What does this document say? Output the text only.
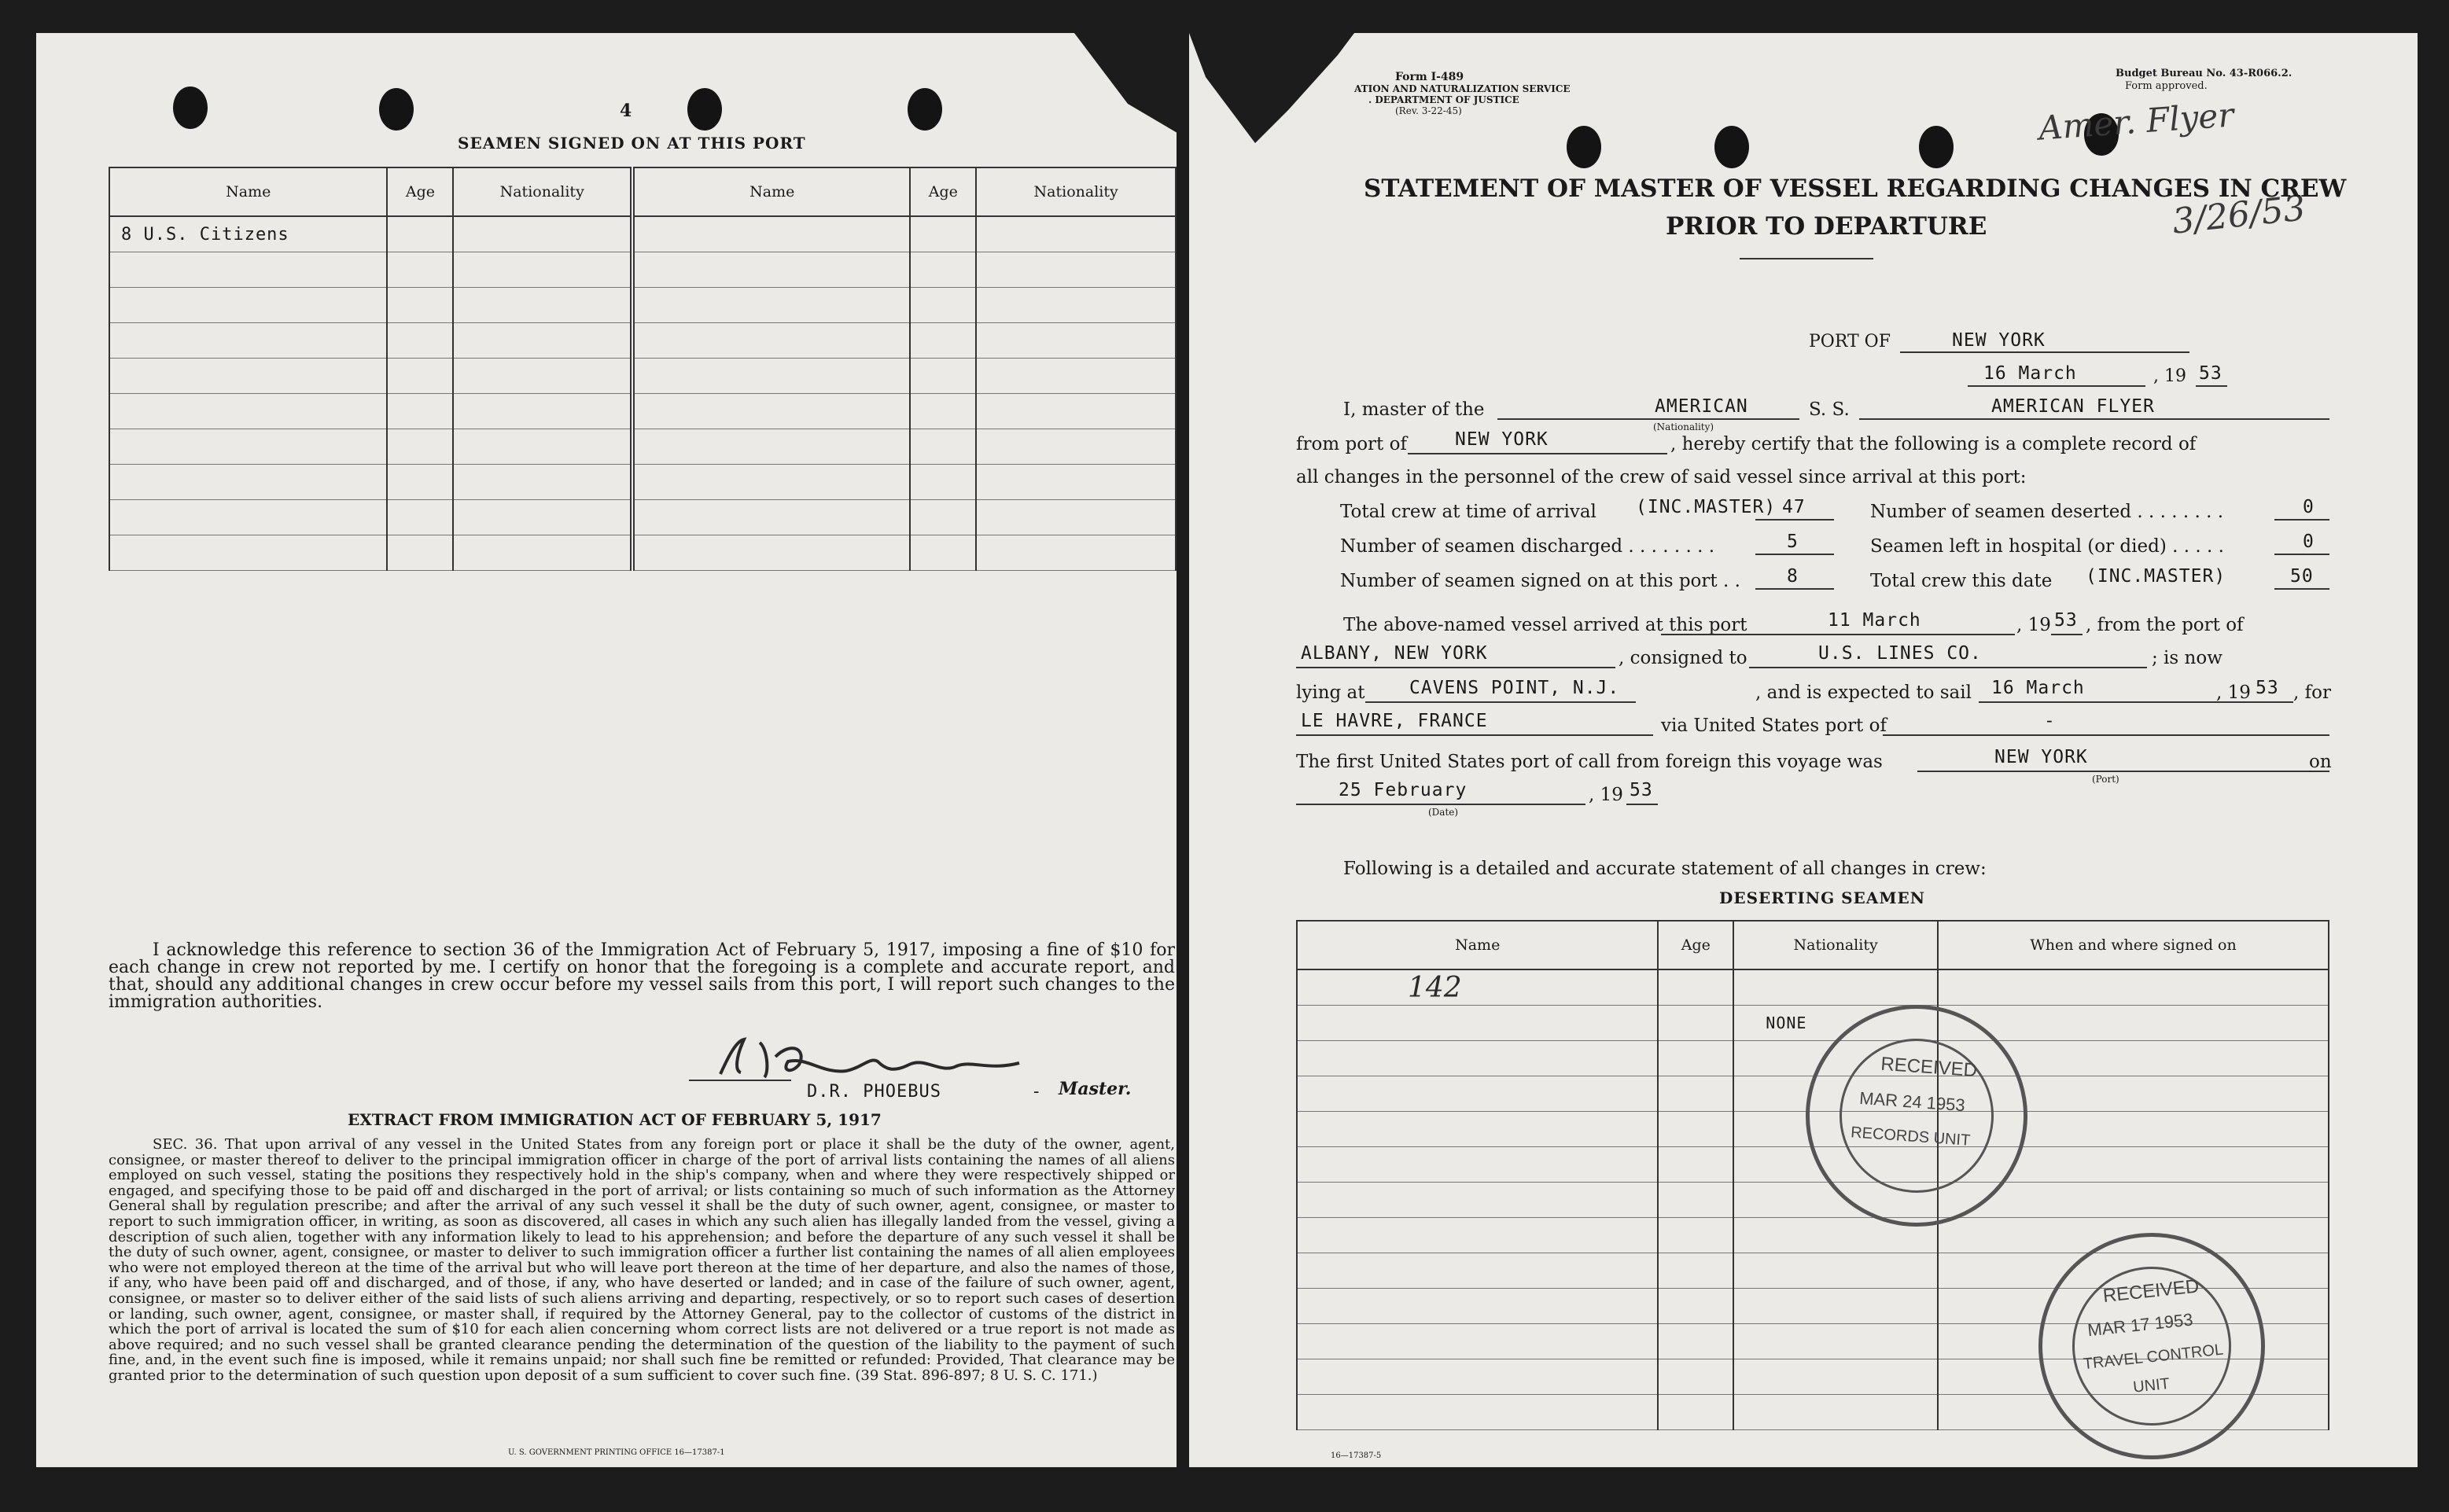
4
SEAMEN SIGNED ON AT THIS PORT
Name	Age	Nationality	Name	Age	Nationality
8 U.S. Citizens					

I acknowledge this reference to section 36 of the Immigration Act of February 5, 1917, imposing a fine of $10 for each change in crew not reported by me. I certify on honor that the foregoing is a complete and accurate report, and that, should any additional changes in crew occur before my vessel sails from this port, I will report such changes to the immigration authorities.
D.R. PHOEBUS	- Master.
EXTRACT FROM IMMIGRATION ACT OF FEBRUARY 5, 1917
SEC. 36. That upon arrival of any vessel in the United States from any foreign port or place it shall be the duty of the owner, agent, consignee, or master thereof to deliver to the principal immigration officer in charge of the port of arrival lists containing the names of all aliens employed on such vessel, stating the positions they respectively hold in the ship's company, when and where they were respectively shipped or engaged, and specifying those to be paid off and discharged in the port of arrival; or lists containing so much of such information as the Attorney General shall by regulation prescribe; and after the arrival of any such vessel it shall be the duty of such owner, agent, consignee, or master to report to such immigration officer, in writing, as soon as discovered, all cases in which any such alien has illegally landed from the vessel, giving a description of such alien, together with any information likely to lead to his apprehension; and before the departure of any such vessel it shall be the duty of such owner, agent, consignee, or master to deliver to such immigration officer a further list containing the names of all alien employees who were not employed thereon at the time of the arrival but who will leave port thereon at the time of her departure, and also the names of those, if any, who have been paid off and discharged, and of those, if any, who have deserted or landed; and in case of the failure of such owner, agent, consignee, or master so to deliver either of the said lists of such aliens arriving and departing, respectively, or so to report such cases of desertion or landing, such owner, agent, consignee, or master shall, if required by the Attorney General, pay to the collector of customs of the district in which the port of arrival is located the sum of $10 for each alien concerning whom correct lists are not delivered or a true report is not made as above required; and no such vessel shall be granted clearance pending the determination of the question of the liability to the payment of such fine, and, in the event such fine is imposed, while it remains unpaid; nor shall such fine be remitted or refunded: Provided, That clearance may be granted prior to the determination of such question upon deposit of a sum sufficient to cover such fine. (39 Stat. 896-897; 8 U. S. C. 171.)
U. S. GOVERNMENT PRINTING OFFICE 16—17387-1
Form I-489
ATION AND NATURALIZATION SERVICE
. DEPARTMENT OF JUSTICE
(Rev. 3-22-45)
Budget Bureau No. 43-R066.2.
Form approved.
Amer. Flyer
3/26/53
STATEMENT OF MASTER OF VESSEL REGARDING CHANGES IN CREW
PRIOR TO DEPARTURE
PORT OF	NEW YORK
16 March	, 19 53
I, master of the	AMERICAN
(Nationality)
S. S.	AMERICAN FLYER
from port of	NEW YORK	, hereby certify that the following is a complete record of
all changes in the personnel of the crew of said vessel since arrival at this port:
Total crew at time of arrival (INC.MASTER) 47	Number of seamen deserted . . . . . . . .	0
Number of seamen discharged . . . . . . . .	5	Seamen left in hospital (or died) . . . . .	0
Number of seamen signed on at this port . .	8	Total crew this date (INC.MASTER)	50
The above-named vessel arrived at this port	11 March	, 19 53 , from the port of
ALBANY, NEW YORK	, consigned to	U.S. LINES CO.	; is now
lying at CAVENS POINT, N.J.	, and is expected to sail 16 March	, 19 53 , for
LE HAVRE, FRANCE	via United States port of	-
The first United States port of call from foreign this voyage was	NEW YORK
(Port)
on
25 February
(Date)
, 19 53
Following is a detailed and accurate statement of all changes in crew:
DESERTING SEAMEN
Name	Age	Nationality	When and where signed on
142			
		NONE	

16—17387-5
RECEIVED
MAR 24 1953
RECORDS UNIT
RECEIVED
MAR 17 1953
TRAVEL CONTROL
UNIT
